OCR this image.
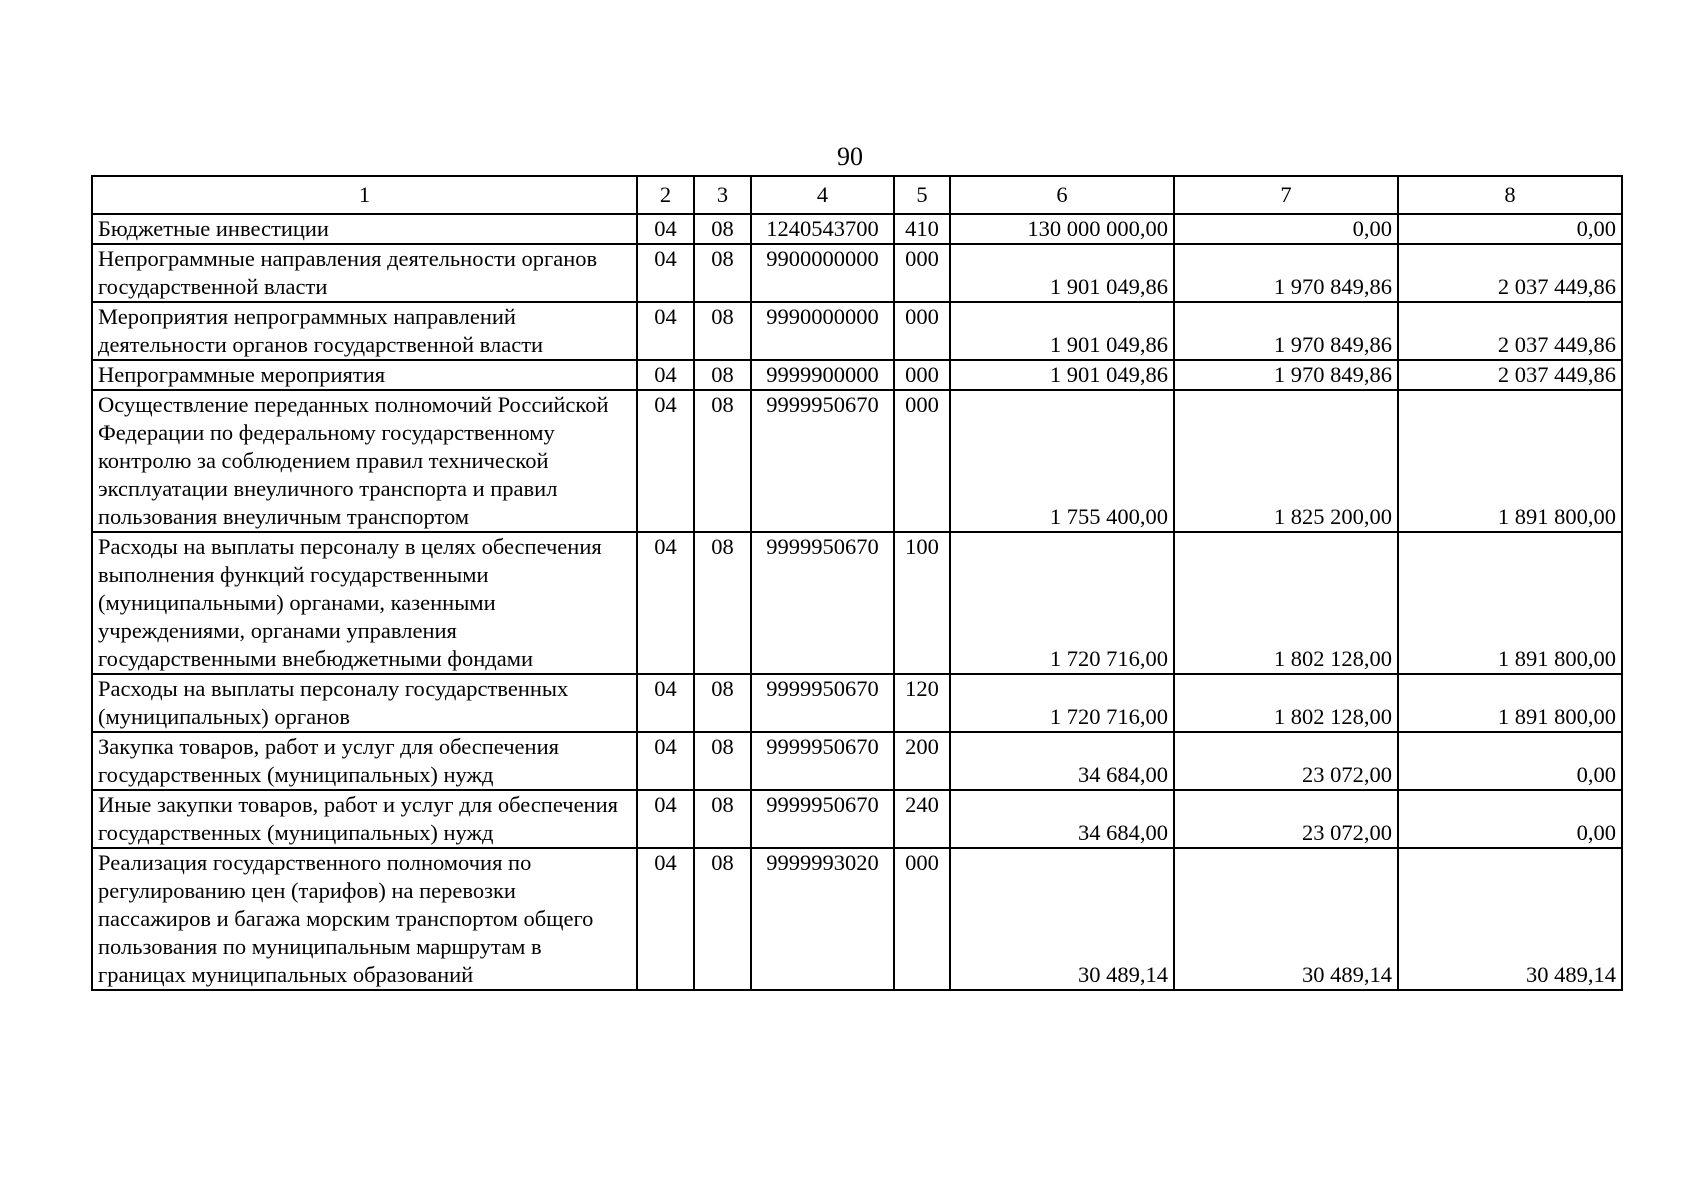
90
1	2	3	4	5	6	7	8
Бюджетные инвестиции	04	08	1240543700	410	130 000 000,00	0,00	0,00
Непрограммные направления деятельности органов государственной власти	04	08	9900000000	000	1 901 049,86	1 970 849,86	2 037 449,86
Мероприятия непрограммных направлений деятельности органов государственной власти	04	08	9990000000	000	1 901 049,86	1 970 849,86	2 037 449,86
Непрограммные мероприятия	04	08	9999900000	000	1 901 049,86	1 970 849,86	2 037 449,86
Осуществление переданных полномочий Российской Федерации по федеральному государственному контролю за соблюдением правил технической эксплуатации внеуличного транспорта и правил пользования внеуличным транспортом	04	08	9999950670	000	1 755 400,00	1 825 200,00	1 891 800,00
Расходы на выплаты персоналу в целях обеспечения выполнения функций государственными (муниципальными) органами, казенными учреждениями, органами управления государственными внебюджетными фондами	04	08	9999950670	100	1 720 716,00	1 802 128,00	1 891 800,00
Расходы на выплаты персоналу государственных (муниципальных) органов	04	08	9999950670	120	1 720 716,00	1 802 128,00	1 891 800,00
Закупка товаров, работ и услуг для обеспечения государственных (муниципальных) нужд	04	08	9999950670	200	34 684,00	23 072,00	0,00
Иные закупки товаров, работ и услуг для обеспечения государственных (муниципальных) нужд	04	08	9999950670	240	34 684,00	23 072,00	0,00
Реализация государственного полномочия по регулированию цен (тарифов) на перевозки пассажиров и багажа морским транспортом общего пользования по муниципальным маршрутам в границах муниципальных образований	04	08	9999993020	000	30 489,14	30 489,14	30 489,14
